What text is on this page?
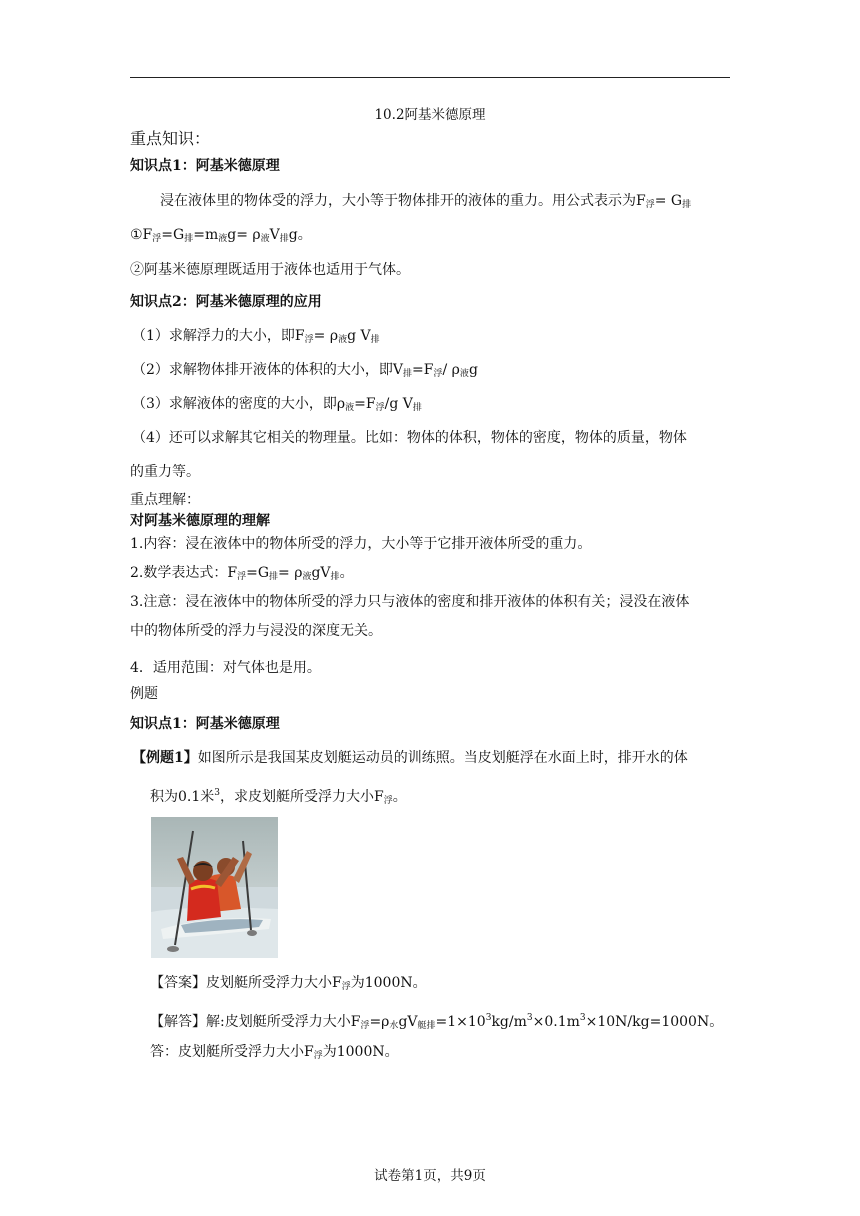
10.2阿基米德原理
重点知识：
知识点1：阿基米德原理
浸在液体里的物体受的浮力，大小等于物体排开的液体的重力。用公式表示为F浮= G排
①F浮=G排=m液g= ρ液V排g。
②阿基米德原理既适用于液体也适用于气体。
知识点2：阿基米德原理的应用
（1）求解浮力的大小，即F浮= ρ液g V排
（2）求解物体排开液体的体积的大小，即V排=F浮/ ρ液g
（3）求解液体的密度的大小，即ρ液=F浮/g V排
（4）还可以求解其它相关的物理量。比如：物体的体积，物体的密度，物体的质量，物体
的重力等。
重点理解：
对阿基米德原理的理解
1.内容：浸在液体中的物体所受的浮力，大小等于它排开液体所受的重力。
2.数学表达式：F浮=G排= ρ液gV排。
3.注意：浸在液体中的物体所受的浮力只与液体的密度和排开液体的体积有关；浸没在液体
中的物体所受的浮力与浸没的深度无关。
4．适用范围：对气体也是用。
例题
知识点1：阿基米德原理
【例题1】如图所示是我国某皮划艇运动员的训练照。当皮划艇浮在水面上时，排开水的体
积为0.1米$^3$，求皮划艇所受浮力大小F浮。
【答案】皮划艇所受浮力大小F浮为1000N。
【解答】解:皮划艇所受浮力大小F浮=ρ水gV艇排$=1\times 10^3kg/m^3\times 0.1m^3\times 10N/kg=1000N$。
答：皮划艇所受浮力大小F浮为1000N。
试卷第1页，共9页
